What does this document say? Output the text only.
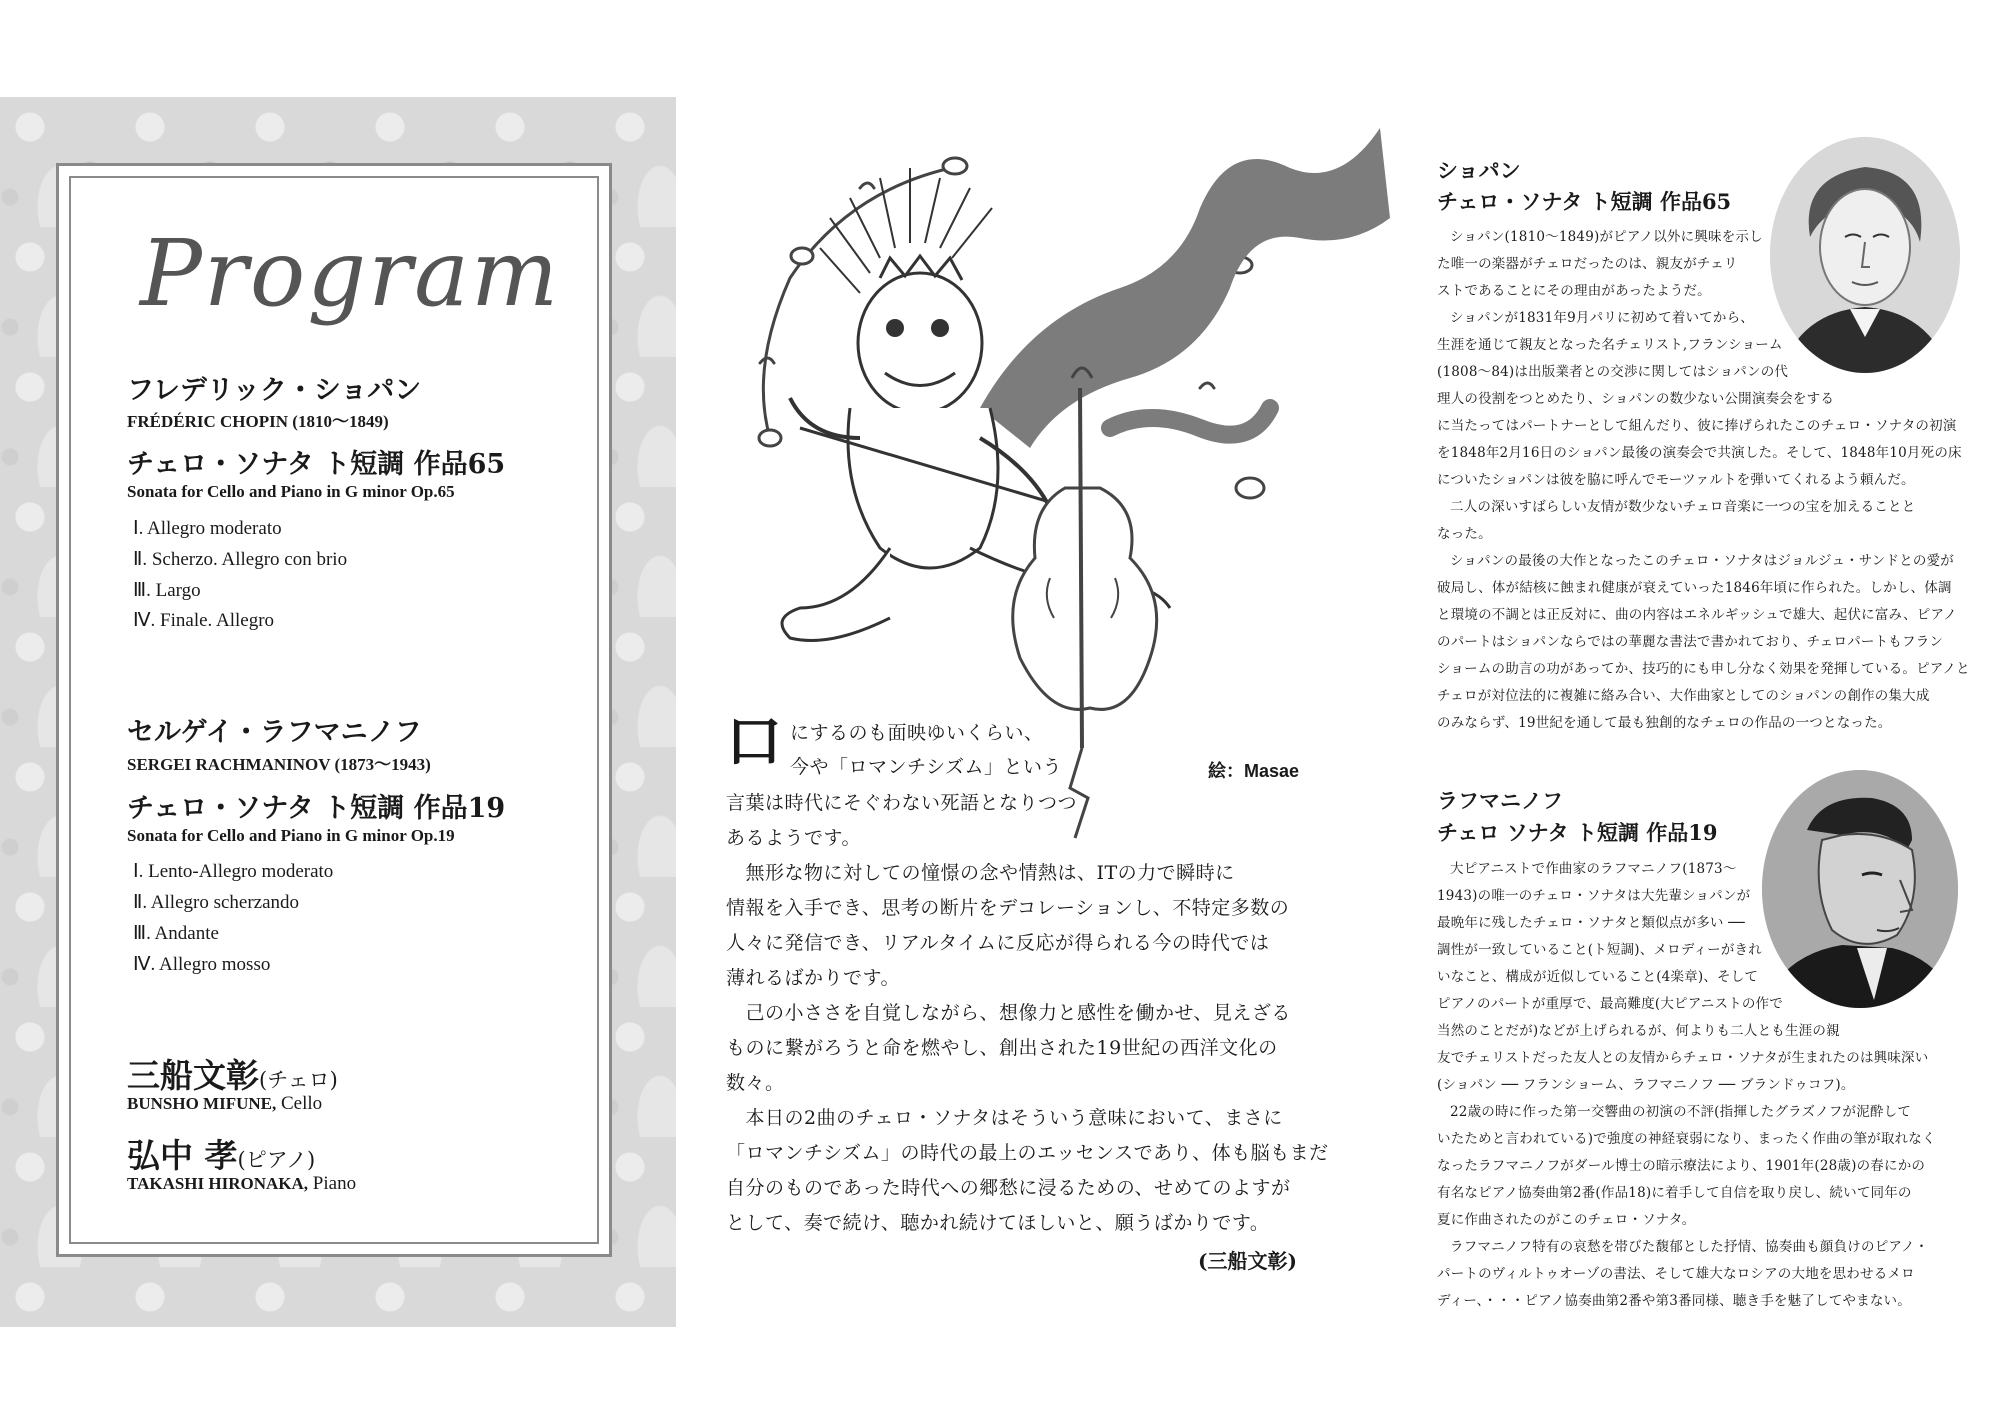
Program
フレデリック・ショパン
FRÉDÉRIC CHOPIN (1810〜1849)
チェロ・ソナタ ト短調 作品65
Sonata for Cello and Piano in G minor Op.65
Ⅰ. Allegro moderato
Ⅱ. Scherzo. Allegro con brio
Ⅲ. Largo
Ⅳ. Finale. Allegro
セルゲイ・ラフマニノフ
SERGEI RACHMANINOV (1873〜1943)
チェロ・ソナタ ト短調 作品19
Sonata for Cello and Piano in G minor Op.19
Ⅰ. Lento-Allegro moderato
Ⅱ. Allegro scherzando
Ⅲ. Andante
Ⅳ. Allegro mosso
三船文彰(チェロ)
BUNSHO MIFUNE, Cello
弘中 孝(ピアノ)
TAKASHI HIRONAKA, Piano
絵：Masae
口 にするのも面映ゆいくらい、
今や「ロマンチシズム」という
言葉は時代にそぐわない死語となりつつ
あるようです。
　無形な物に対しての憧憬の念や情熱は、ITの力で瞬時に
情報を入手でき、思考の断片をデコレーションし、不特定多数の
人々に発信でき、リアルタイムに反応が得られる今の時代では
薄れるばかりです。
　己の小ささを自覚しながら、想像力と感性を働かせ、見えざる
ものに繋がろうと命を燃やし、創出された19世紀の西洋文化の
数々。
　本日の2曲のチェロ・ソナタはそういう意味において、まさに
「ロマンチシズム」の時代の最上のエッセンスであり、体も脳もまだ
自分のものであった時代への郷愁に浸るための、せめてのよすが
として、奏で続け、聴かれ続けてほしいと、願うばかりです。
(三船文彰)
ショパン
チェロ・ソナタ ト短調 作品65
ショパン(1810〜1849)がピアノ以外に興味を示し
た唯一の楽器がチェロだったのは、親友がチェリ
ストであることにその理由があったようだ。
ショパンが1831年9月パリに初めて着いてから、
生涯を通じて親友となった名チェリスト,フランショーム
(1808〜84)は出版業者との交渉に関してはショパンの代
理人の役割をつとめたり、ショパンの数少ない公開演奏会をする
に当たってはパートナーとして組んだり、彼に捧げられたこのチェロ・ソナタの初演
を1848年2月16日のショパン最後の演奏会で共演した。そして、1848年10月死の床
についたショパンは彼を脇に呼んでモーツァルトを弾いてくれるよう頼んだ。
二人の深いすばらしい友情が数少ないチェロ音楽に一つの宝を加えることと
なった。
ショパンの最後の大作となったこのチェロ・ソナタはジョルジュ・サンドとの愛が
破局し、体が結核に蝕まれ健康が衰えていった1846年頃に作られた。しかし、体調
と環境の不調とは正反対に、曲の内容はエネルギッシュで雄大、起伏に富み、ピアノ
のパートはショパンならではの華麗な書法で書かれており、チェロパートもフラン
ショームの助言の功があってか、技巧的にも申し分なく効果を発揮している。ピアノと
チェロが対位法的に複雑に絡み合い、大作曲家としてのショパンの創作の集大成
のみならず、19世紀を通して最も独創的なチェロの作品の一つとなった。
ラフマニノフ
チェロ ソナタ ト短調 作品19
大ピアニストで作曲家のラフマニノフ(1873〜
1943)の唯一のチェロ・ソナタは大先輩ショパンが
最晩年に残したチェロ・ソナタと類似点が多い ──
調性が一致していること(ト短調)、メロディーがきれ
いなこと、構成が近似していること(4楽章)、そして
ピアノのパートが重厚で、最高難度(大ピアニストの作で
当然のことだが)などが上げられるが、何よりも二人とも生涯の親
友でチェリストだった友人との友情からチェロ・ソナタが生まれたのは興味深い
(ショパン ── フランショーム、ラフマニノフ ── ブランドゥコフ)。
22歳の時に作った第一交響曲の初演の不評(指揮したグラズノフが泥酔して
いたためと言われている)で強度の神経衰弱になり、まったく作曲の筆が取れなく
なったラフマニノフがダール博士の暗示療法により、1901年(28歳)の春にかの
有名なピアノ協奏曲第2番(作品18)に着手して自信を取り戻し、続いて同年の
夏に作曲されたのがこのチェロ・ソナタ。
ラフマニノフ特有の哀愁を帯びた馥郁とした抒情、協奏曲も顔負けのピアノ・
パートのヴィルトゥオーゾの書法、そして雄大なロシアの大地を思わせるメロ
ディー、・・・ピアノ協奏曲第2番や第3番同様、聴き手を魅了してやまない。
